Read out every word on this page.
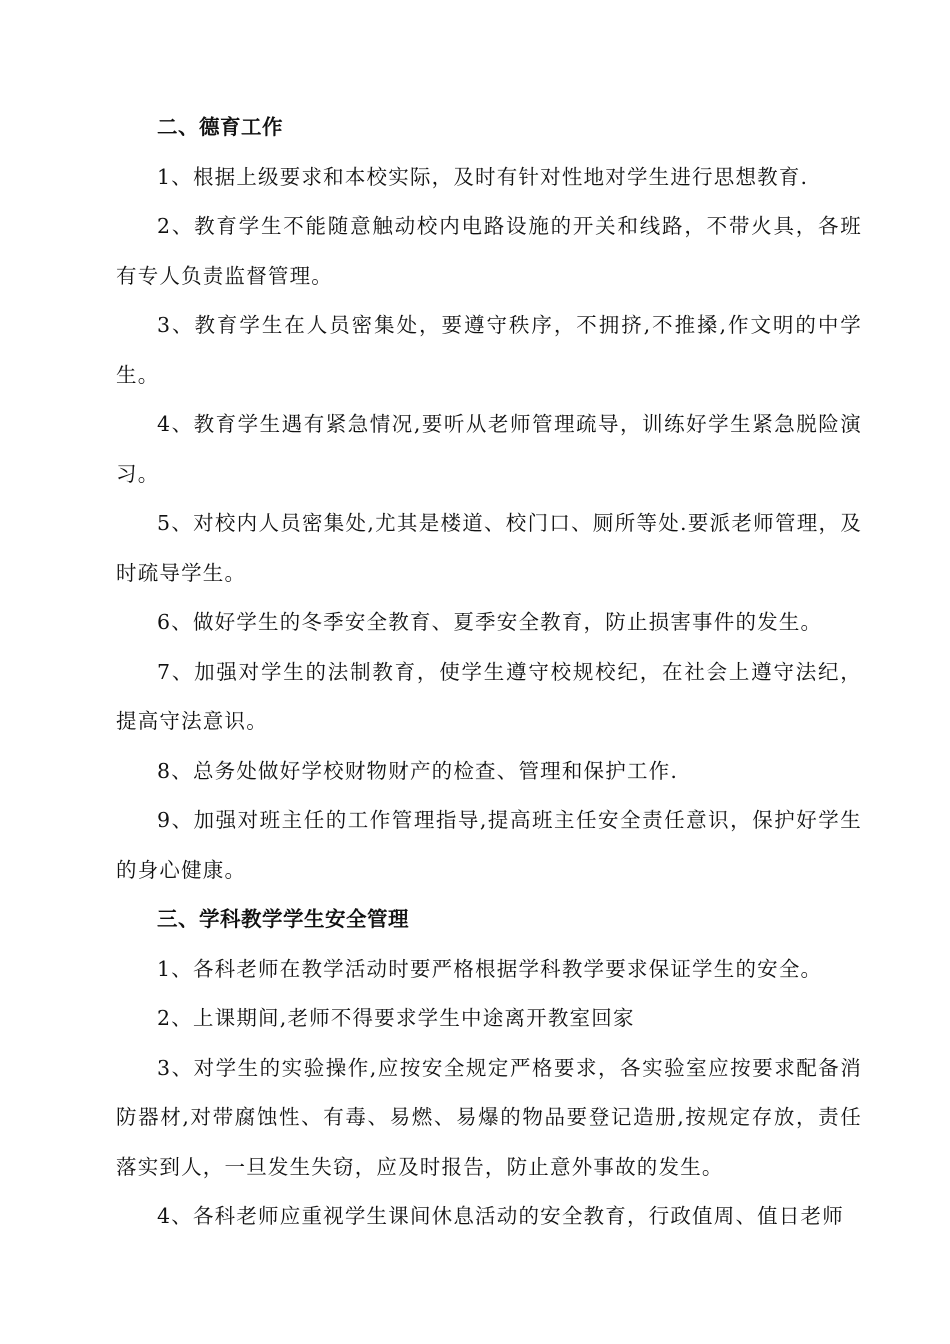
二、德育工作

1、根据上级要求和本校实际，及时有针对性地对学生进行思想教育.

2、教育学生不能随意触动校内电路设施的开关和线路，不带火具，各班有专人负责监督管理。

3、教育学生在人员密集处，要遵守秩序，不拥挤,不推搡,作文明的中学生。

4、教育学生遇有紧急情况,要听从老师管理疏导，训练好学生紧急脱险演习。

5、对校内人员密集处,尤其是楼道、校门口、厕所等处.要派老师管理，及时疏导学生。

6、做好学生的冬季安全教育、夏季安全教育，防止损害事件的发生。

7、加强对学生的法制教育，使学生遵守校规校纪，在社会上遵守法纪，提高守法意识。

8、总务处做好学校财物财产的检查、管理和保护工作.

9、加强对班主任的工作管理指导,提高班主任安全责任意识，保护好学生的身心健康。

三、学科教学学生安全管理

1、各科老师在教学活动时要严格根据学科教学要求保证学生的安全。

2、上课期间,老师不得要求学生中途离开教室回家

3、对学生的实验操作,应按安全规定严格要求，各实验室应按要求配备消防器材,对带腐蚀性、有毒、易燃、易爆的物品要登记造册,按规定存放，责任落实到人，一旦发生失窃，应及时报告，防止意外事故的发生。

4、各科老师应重视学生课间休息活动的安全教育，行政值周、值日老师
